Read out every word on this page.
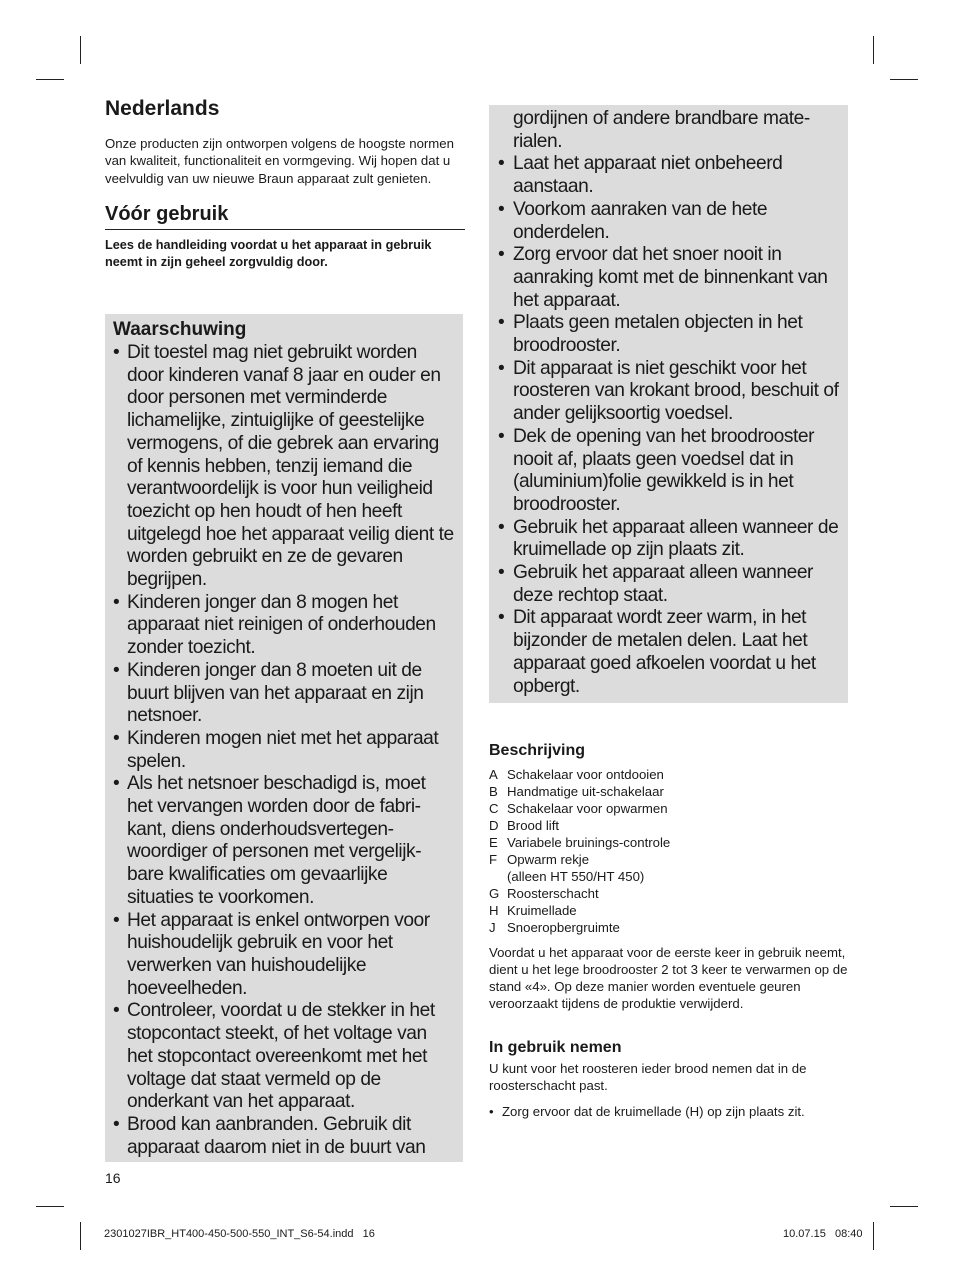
Nederlands

Onze producten zijn ontworpen volgens de hoogste normen van kwaliteit, functionaliteit en vormgeving. Wij hopen dat u veelvuldig van uw nieuwe Braun apparaat zult genieten.

Vóór gebruik

Lees de handleiding voordat u het apparaat in gebruik neemt in zijn geheel zorgvuldig door.

Waarschuwing
• Dit toestel mag niet gebruikt worden door kinderen vanaf 8 jaar en ouder en door personen met verminderde lichamelijke, zintuiglijke of geestelijke vermogens, of die gebrek aan ervaring of kennis hebben, tenzij iemand die verantwoordelijk is voor hun veiligheid toezicht op hen houdt of hen heeft uitgelegd hoe het apparaat veilig dient te worden gebruikt en ze de gevaren begrijpen.
• Kinderen jonger dan 8 mogen het apparaat niet reinigen of onderhouden zonder toezicht.
• Kinderen jonger dan 8 moeten uit de buurt blijven van het apparaat en zijn netsnoer.
• Kinderen mogen niet met het apparaat spelen.
• Als het netsnoer beschadigd is, moet het vervangen worden door de fabri-kant, diens onderhoudsvertegen-woordiger of personen met vergelijk-bare kwalificaties om gevaarlijke situaties te voorkomen.
• Het apparaat is enkel ontworpen voor huishoudelijk gebruik en voor het verwerken van huishoudelijke hoeveelheden.
• Controleer, voordat u de stekker in het stopcontact steekt, of het voltage van het stopcontact overeenkomt met het voltage dat staat vermeld op de onderkant van het apparaat.
• Brood kan aanbranden. Gebruik dit apparaat daarom niet in de buurt van

gordijnen of andere brandbare mate-rialen.

• Laat het apparaat niet onbeheerd aanstaan.
• Voorkom aanraken van de hete onderdelen.
• Zorg ervoor dat het snoer nooit in aanraking komt met de binnenkant van het apparaat.
• Plaats geen metalen objecten in het broodrooster.
• Dit apparaat is niet geschikt voor het roosteren van krokant brood, beschuit of ander gelijksoortig voedsel.
• Dek de opening van het broodrooster nooit af, plaats geen voedsel dat in (aluminium)folie gewikkeld is in het broodrooster.
• Gebruik het apparaat alleen wanneer de kruimellade op zijn plaats zit.
• Gebruik het apparaat alleen wanneer deze rechtop staat.
• Dit apparaat wordt zeer warm, in het bijzonder de metalen delen. Laat het apparaat goed afkoelen voordat u het opbergt.
Beschrijving
A Schakelaar voor ontdooien
B Handmatige uit-schakelaar
C Schakelaar voor opwarmen
D Brood lift
E Variabele bruinings-controle
F Opwarm rekje
(alleen HT 550/HT 450)
G Roosterschacht
H Kruimellade
J Snoeropbergruimte

Voordat u het apparaat voor de eerste keer in gebruik neemt, dient u het lege broodrooster 2 tot 3 keer te verwarmen op de stand «4». Op deze manier worden eventuele geuren veroorzaakt tijdens de produktie verwijderd.

In gebruik nemen

U kunt voor het roosteren ieder brood nemen dat in de roosterschacht past.

• Zorg ervoor dat de kruimellade (H) op zijn plaats zit.
16
2301027IBR_HT400-450-500-550_INT_S6-54.indd   16	10.07.15   08:40
